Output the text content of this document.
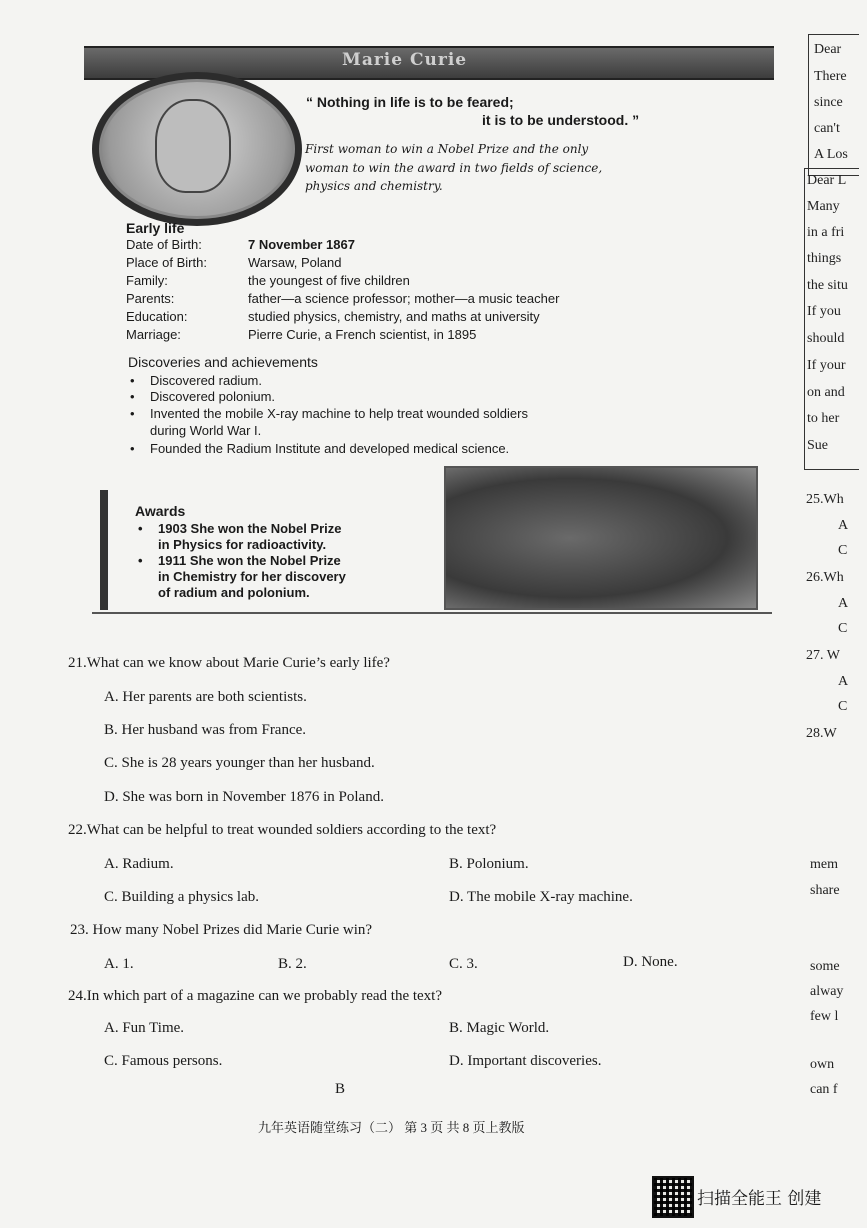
Marie Curie
“ Nothing in life is to be feared;
it is to be understood. ”
First woman to win a Nobel Prize and the only
woman to win the award in two fields of science,
physics and chemistry.
Early life
Date of Birth:	7 November 1867
Place of Birth:	Warsaw, Poland
Family:	the youngest of five children
Parents:	father—a science professor; mother—a music teacher
Education:	studied physics, chemistry, and maths at university
Marriage:	Pierre Curie, a French scientist, in 1895
Discoveries and achievements
• Discovered radium.
• Discovered polonium.
• Invented the mobile X-ray machine to help treat wounded soldiers
during World War I.
• Founded the Radium Institute and developed medical science.
Awards
• 1903 She won the Nobel Prize
in Physics for radioactivity.
• 1911 She won the Nobel Prize
in Chemistry for her discovery
of radium and polonium.
21.What can we know about Marie Curie’s early life?
A. Her parents are both scientists.
B. Her husband was from France.
C. She is 28 years younger than her husband.
D. She was born in November 1876 in Poland.
22.What can be helpful to treat wounded soldiers according to the text?
A. Radium.	B. Polonium.
C. Building a physics lab.	D. The mobile X-ray machine.
23. How many Nobel Prizes did Marie Curie win?
A. 1.	B. 2.	C. 3.	D. None.
24.In which part of a magazine can we probably read the text?
A. Fun Time.	B. Magic World.
C. Famous persons.	D. Important discoveries.
B
九年英语随堂练习（二） 第 3 页 共 8 页上教版
扫描全能王 创建
Dear
There
since
can't
A Los
Dear L
Many
in a fri
things
the situ
If you
should
If your
on and
to her
Sue
25.Wh
A
C
26.Wh
A
C
27. W
A
C
28.W
mem
share
some
alway
few l
own
can f
